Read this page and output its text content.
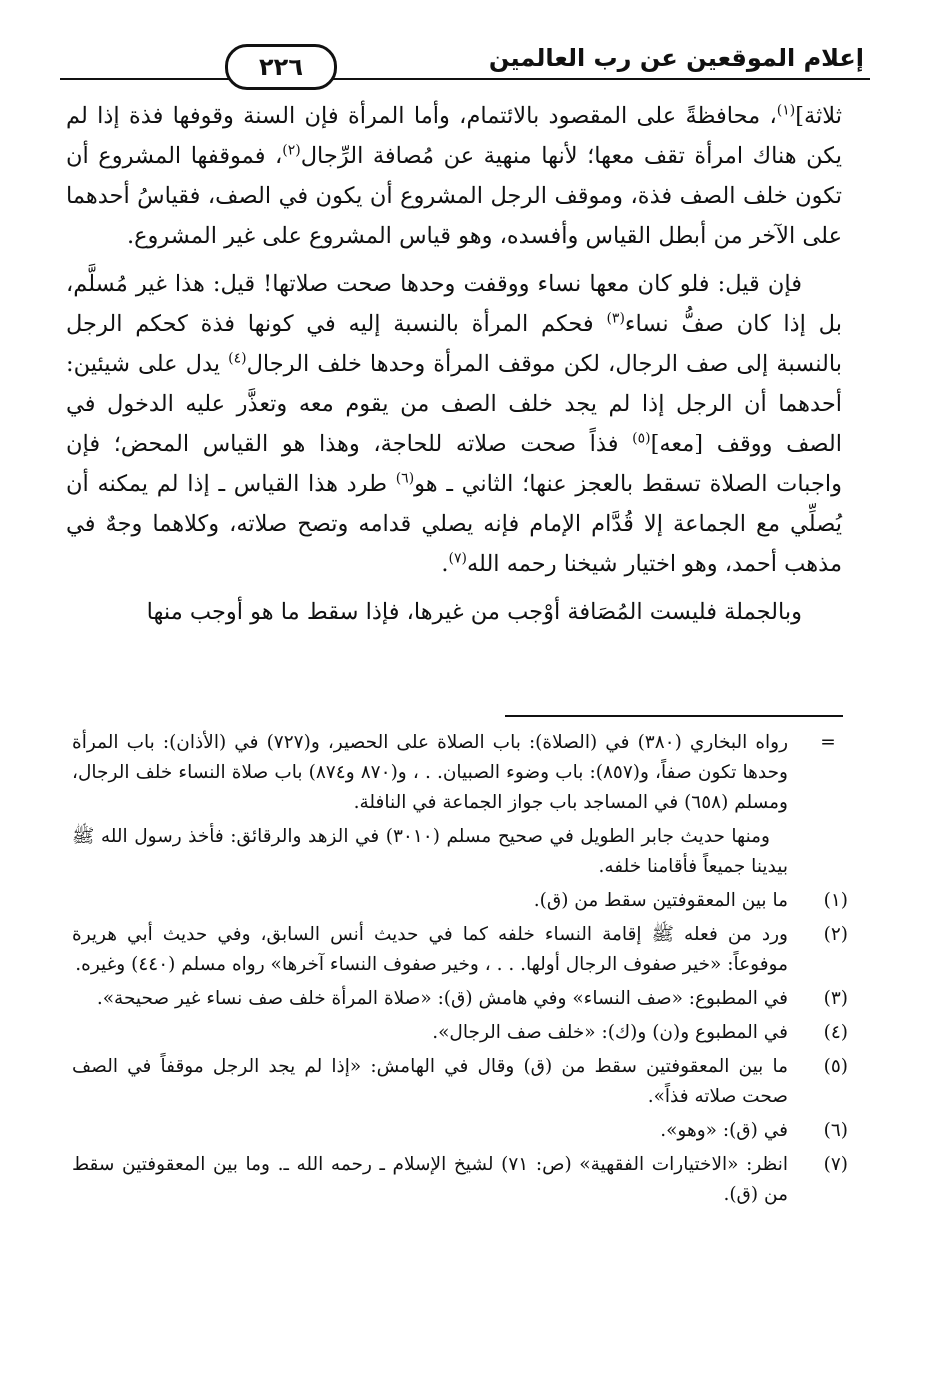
إعلام الموقعين عن رب العالمين
٢٢٦

ثلاثة]$^{(١)}$، محافظةً على المقصود بالائتمام، وأما المرأة فإن السنة وقوفها فذة إذا لم يكن هناك امرأة تقف معها؛ لأنها منهية عن مُصافة الرِّجال$^{(٢)}$، فموقفها المشروع أن تكون خلف الصف فذة، وموقف الرجل المشروع أن يكون في الصف، فقياسُ أحدهما على الآخر من أبطل القياس وأفسده، وهو قياس المشروع على غير المشروع.

فإن قيل: فلو كان معها نساء ووقفت وحدها صحت صلاتها! قيل: هذا غير مُسلَّم، بل إذا كان صفُّ نساء$^{(٣)}$ فحكم المرأة بالنسبة إليه في كونها فذة كحكم الرجل بالنسبة إلى صف الرجال، لكن موقف المرأة وحدها خلف الرجال$^{(٤)}$ يدل على شيئين: أحدهما أن الرجل إذا لم يجد خلف الصف من يقوم معه وتعذَّر عليه الدخول في الصف ووقف [معه]$^{(٥)}$ فذاً صحت صلاته للحاجة، وهذا هو القياس المحض؛ فإن واجبات الصلاة تسقط بالعجز عنها؛ الثاني ـ هو$^{(٦)}$ طرد هذا القياس ـ إذا لم يمكنه أن يُصلِّي مع الجماعة إلا قُدَّام الإمام فإنه يصلي قدامه وتصح صلاته، وكلاهما وجهٌ في مذهب أحمد، وهو اختيار شيخنا رحمه الله$^{(٧)}$.

وبالجملة فليست المُصَافة أوْجب من غيرها، فإذا سقط ما هو أوجب منها

=
رواه البخاري (٣٨٠) في (الصلاة): باب الصلاة على الحصير، و(٧٢٧) في (الأذان): باب المرأة وحدها تكون صفاً، و(٨٥٧): باب وضوء الصبيان. . ، و(٨٧٠ و٨٧٤) باب صلاة النساء خلف الرجال، ومسلم (٦٥٨) في المساجد باب جواز الجماعة في النافلة.
ومنها حديث جابر الطويل في صحيح مسلم (٣٠١٠) في الزهد والرقائق: فأخذ رسول الله ﷺ بيدينا جميعاً فأقامنا خلفه.
(١)
ما بين المعقوفتين سقط من (ق).
(٢)
ورد من فعله ﷺ إقامة النساء خلفه كما في حديث أنس السابق، وفي حديث أبي هريرة موفوعاً: «خير صفوف الرجال أولها. . . ، وخير صفوف النساء آخرها» رواه مسلم (٤٤٠) وغيره.
(٣)
في المطبوع: «صف النساء» وفي هامش (ق): «صلاة المرأة خلف صف نساء غير صحيحة».
(٤)
في المطبوع و(ن) و(ك): «خلف صف الرجال».
(٥)
ما بين المعقوفتين سقط من (ق) وقال في الهامش: «إذا لم يجد الرجل موقفاً في الصف صحت صلاته فذاً».
(٦)
في (ق): «وهو».
(٧)
انظر: «الاختيارات الفقهية» (ص: ٧١) لشيخ الإسلام ـ رحمه الله ـ. وما بين المعقوفتين سقط من (ق).
